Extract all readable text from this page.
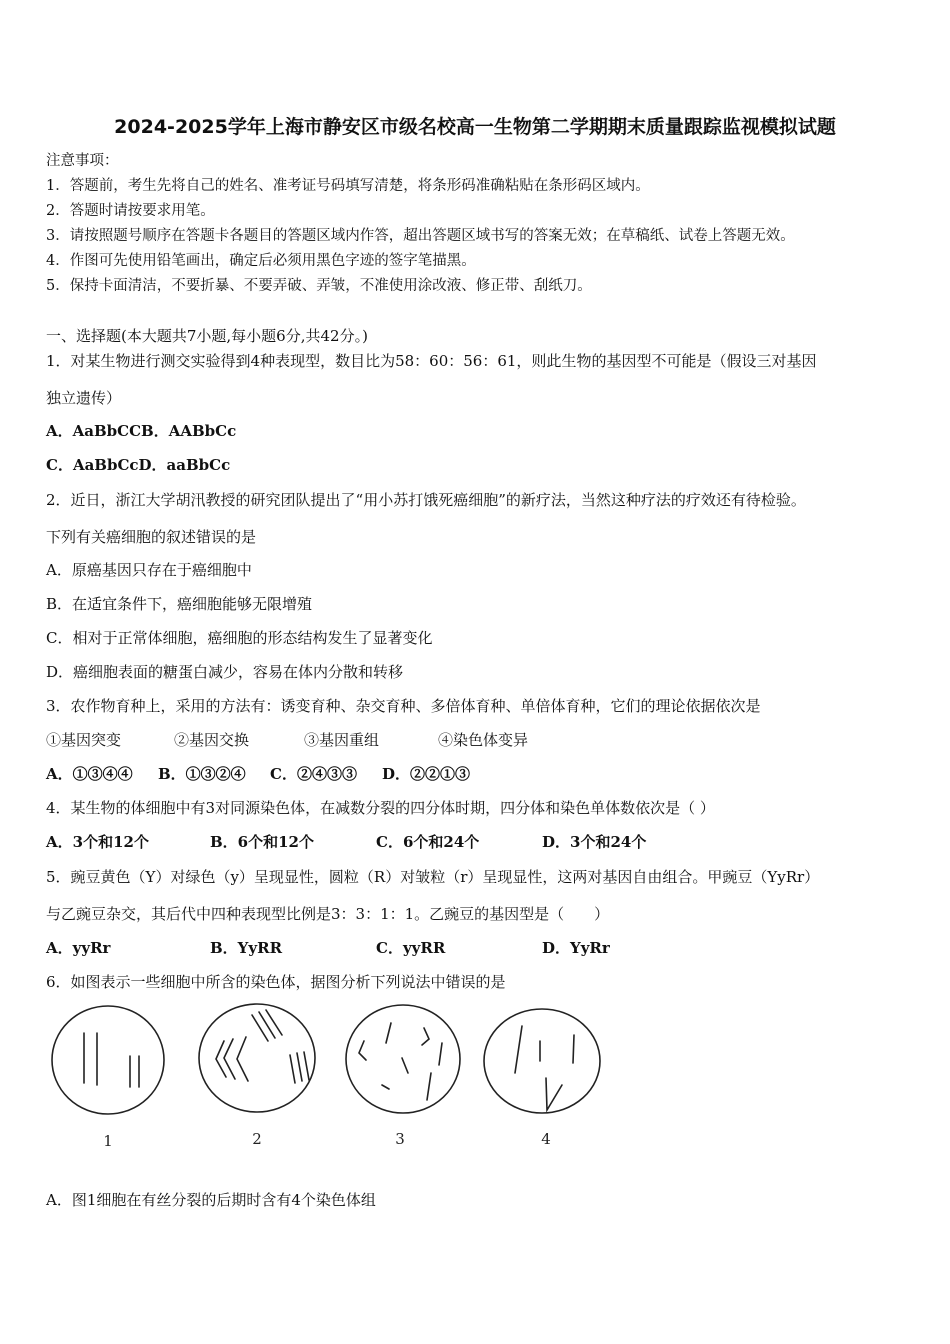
2024-2025学年上海市静安区市级名校高一生物第二学期期末质量跟踪监视模拟试题
注意事项：
1．答题前，考生先将自己的姓名、准考证号码填写清楚，将条形码准确粘贴在条形码区域内。
2．答题时请按要求用笔。
3．请按照题号顺序在答题卡各题目的答题区域内作答，超出答题区域书写的答案无效；在草稿纸、试卷上答题无效。
4．作图可先使用铅笔画出，确定后必须用黑色字迹的签字笔描黑。
5．保持卡面清洁，不要折暴、不要弄破、弄皱，不准使用涂改液、修正带、刮纸刀。
一、选择题(本大题共7小题,每小题6分,共42分。)
1．对某生物进行测交实验得到4种表现型，数目比为58：60：56：61，则此生物的基因型不可能是（假设三对基因
独立遗传）
A．AaBbCCB．AABbCc
C．AaBbCcD．aaBbCc
2．近日，浙江大学胡汛教授的研究团队提出了“用小苏打饿死癌细胞”的新疗法，当然这种疗法的疗效还有待检验。
下列有关癌细胞的叙述错误的是
A．原癌基因只存在于癌细胞中
B．在适宜条件下，癌细胞能够无限增殖
C．相对于正常体细胞，癌细胞的形态结构发生了显著变化
D．癌细胞表面的糖蛋白减少，容易在体内分散和转移
3．农作物育种上，采用的方法有：诱变育种、杂交育种、多倍体育种、单倍体育种，它们的理论依据依次是
①基因突变	②基因交换	③基因重组	④染色体变异
A．①③④④ B．①③②④ C．②④③③ D．②②①③
4．某生物的体细胞中有3对同源染色体，在减数分裂的四分体时期，四分体和染色单体数依次是（ ）
A．3个和12个	B．6个和12个	C．6个和24个	D．3个和24个
5．豌豆黄色（Y）对绿色（y）呈现显性，圆粒（R）对皱粒（r）呈现显性，这两对基因自由组合。甲豌豆（YyRr）
与乙豌豆杂交，其后代中四种表现型比例是3：3：1：1。乙豌豆的基因型是（　　）
A．yyRr	B．YyRR	C．yyRR	D．YyRr
6．如图表示一些细胞中所含的染色体，据图分析下列说法中错误的是
1	2	3	4
A．图1细胞在有丝分裂的后期时含有4个染色体组
